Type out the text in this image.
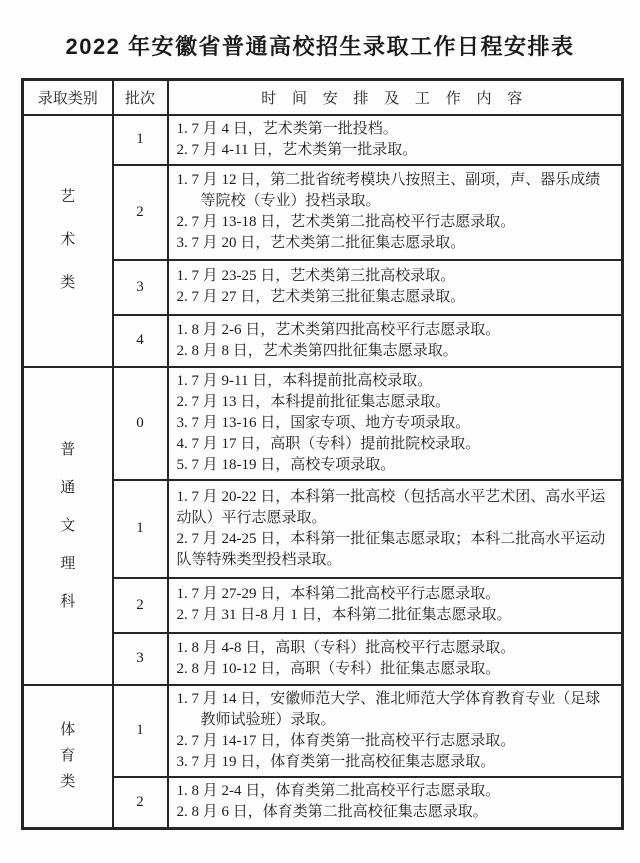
2022 年安徽省普通高校招生录取工作日程安排表
录取类别	批次	时 间 安 排 及 工 作 内 容
艺术类	1	1. 7 月 4 日，艺术类第一批投档。
2. 7 月 4-11 日，艺术类第一批录取。

	2	1. 7 月 12 日，第二批省统考模块八按照主、副项，声、器乐成绩等院校（专业）投档录取。
2. 7 月 13-18 日，艺术类第二批高校平行志愿录取。
3. 7 月 20 日，艺术类第二批征集志愿录取。

	3	1. 7 月 23-25 日，艺术类第三批高校录取。
2. 7 月 27 日，艺术类第三批征集志愿录取。

	4	1. 8 月 2-6 日，艺术类第四批高校平行志愿录取。
2. 8 月 8 日，艺术类第四批征集志愿录取。

普通文理科	0	1. 7 月 9-11 日，本科提前批高校录取。
2. 7 月 13 日，本科提前批征集志愿录取。
3. 7 月 13-16 日，国家专项、地方专项录取。
4. 7 月 17 日，高职（专科）提前批院校录取。
5. 7 月 18-19 日，高校专项录取。

	1	1. 7 月 20-22 日，本科第一批高校（包括高水平艺术团、高水平运动队）平行志愿录取。
2. 7 月 24-25 日，本科第一批征集志愿录取；本科二批高水平运动队等特殊类型投档录取。

	2	1. 7 月 27-29 日，本科第二批高校平行志愿录取。
2. 7 月 31 日-8 月 1 日，本科第二批征集志愿录取。

	3	1. 8 月 4-8 日，高职（专科）批高校平行志愿录取。
2. 8 月 10-12 日，高职（专科）批征集志愿录取。

体育类	1	1. 7 月 14 日，安徽师范大学、淮北师范大学体育教育专业（足球教师试验班）录取。
2. 7 月 14-17 日，体育类第一批高校平行志愿录取。
3. 7 月 19 日，体育类第一批高校征集志愿录取。

	2	1. 8 月 2-4 日，体育类第二批高校平行志愿录取。
2. 8 月 6 日，体育类第二批高校征集志愿录取。
